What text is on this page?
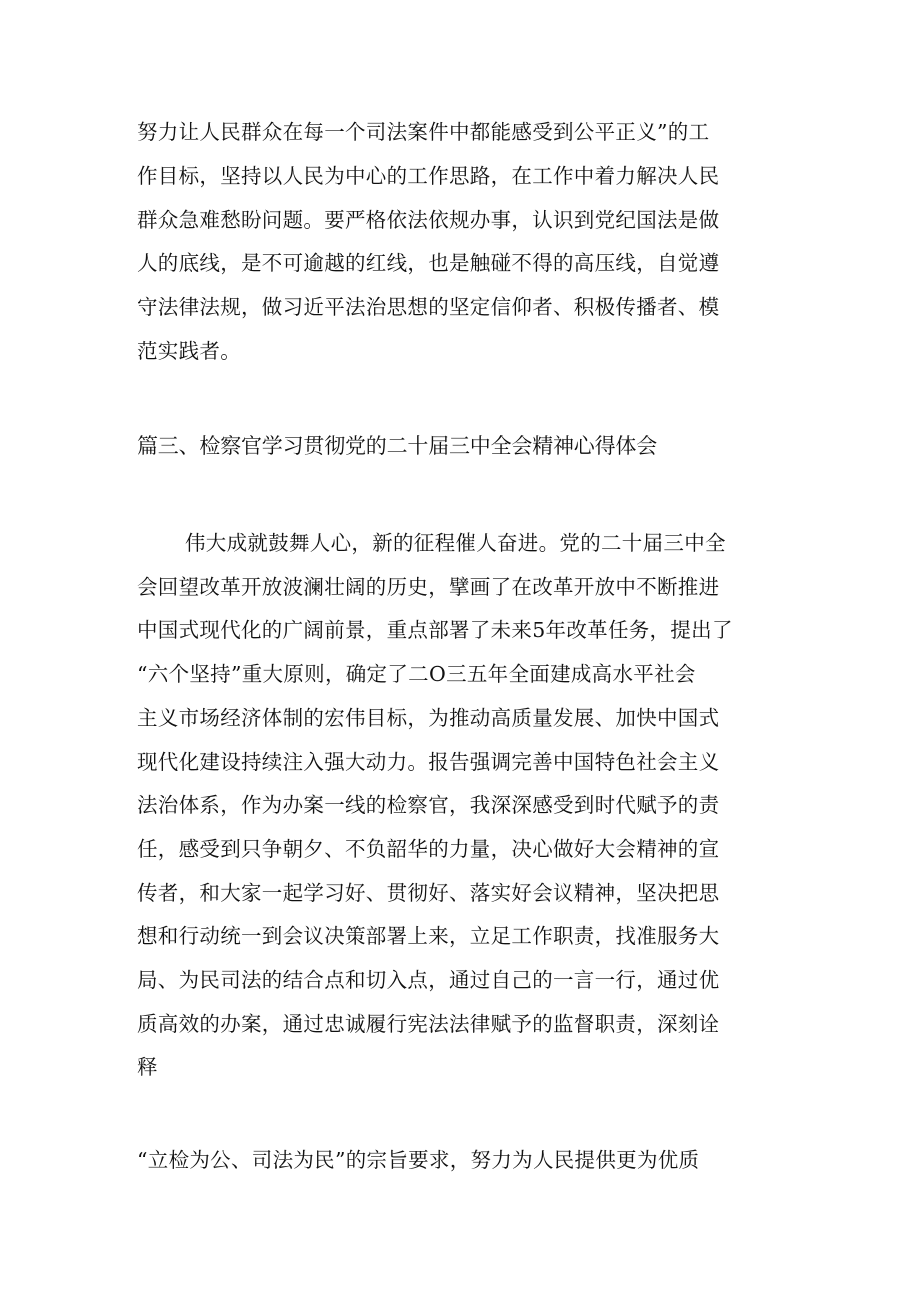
努力让人民群众在每一个司法案件中都能感受到公平正义”的工
作目标，坚持以人民为中心的工作思路，在工作中着力解决人民
群众急难愁盼问题。要严格依法依规办事，认识到党纪国法是做
人的底线，是不可逾越的红线，也是触碰不得的高压线，自觉遵
守法律法规，做习近平法治思想的坚定信仰者、积极传播者、模
范实践者。
篇三、检察官学习贯彻党的二十届三中全会精神心得体会
伟大成就鼓舞人心，新的征程催人奋进。党的二十届三中全
会回望改革开放波澜壮阔的历史，擘画了在改革开放中不断推进
中国式现代化的广阔前景，重点部署了未来5年改革任务，提出了
“六个坚持”重大原则，确定了二O三五年全面建成高水平社会
主义市场经济体制的宏伟目标，为推动高质量发展、加快中国式
现代化建设持续注入强大动力。报告强调完善中国特色社会主义
法治体系，作为办案一线的检察官，我深深感受到时代赋予的责
任，感受到只争朝夕、不负韶华的力量，决心做好大会精神的宣
传者，和大家一起学习好、贯彻好、落实好会议精神，坚决把思
想和行动统一到会议决策部署上来，立足工作职责，找准服务大
局、为民司法的结合点和切入点，通过自己的一言一行，通过优
质高效的办案，通过忠诚履行宪法法律赋予的监督职责，深刻诠
释
“立检为公、司法为民”的宗旨要求，努力为人民提供更为优质
